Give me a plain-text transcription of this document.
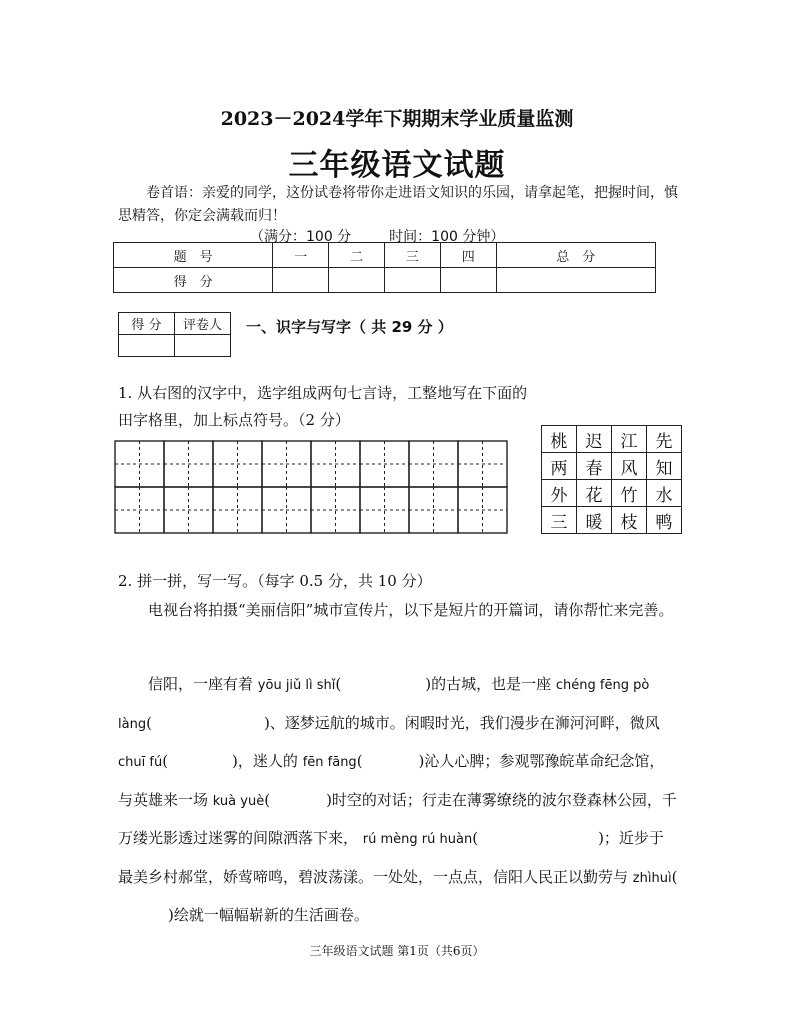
2023－2024学年下期期末学业质量监测
三年级语文试题
卷首语：亲爱的同学，这份试卷将带你走进语文知识的乐园，请拿起笔，把握时间，慎思精答，你定会满载而归！
（满分：100 分	时间：100 分钟）
题　号	一	二	三	四	总　分
得　分					
得 分	评卷人
	一、识字与写字（ 共 29 分 ）
1. 从右图的汉字中，选字组成两句七言诗，工整地写在下面的田字格里，加上标点符号。（2 分）
桃	迟	江	先
两	春	风	知
外	花	竹	水
三	暖	枝	鸭
2. 拼一拼，写一写。（每字 0.5 分，共 10 分）
电视台将拍摄“美丽信阳”城市宣传片，以下是短片的开篇词，请你帮忙来完善。
信阳，一座有着 yōu jiǔ lì shǐ(	)的古城，也是一座 chéng fēng pò làng(	)、逐梦远航的城市。闲暇时光，我们漫步在浉河河畔，微风 chuī fú(	)，迷人的 fēn fāng(	)沁人心脾；参观鄂豫皖革命纪念馆，与英雄来一场 kuà yuè(	)时空的对话；行走在薄雾缭绕的波尔登森林公园，千万缕光影透过迷雾的间隙洒落下来， rú mèng rú huàn(	)；近步于最美乡村郝堂，娇莺啼鸣，碧波荡漾。一处处，一点点，信阳人民正以勤劳与 zhìhuì()绘就一幅幅崭新的生活画卷。
三年级语文试题 第1页（共6页）
